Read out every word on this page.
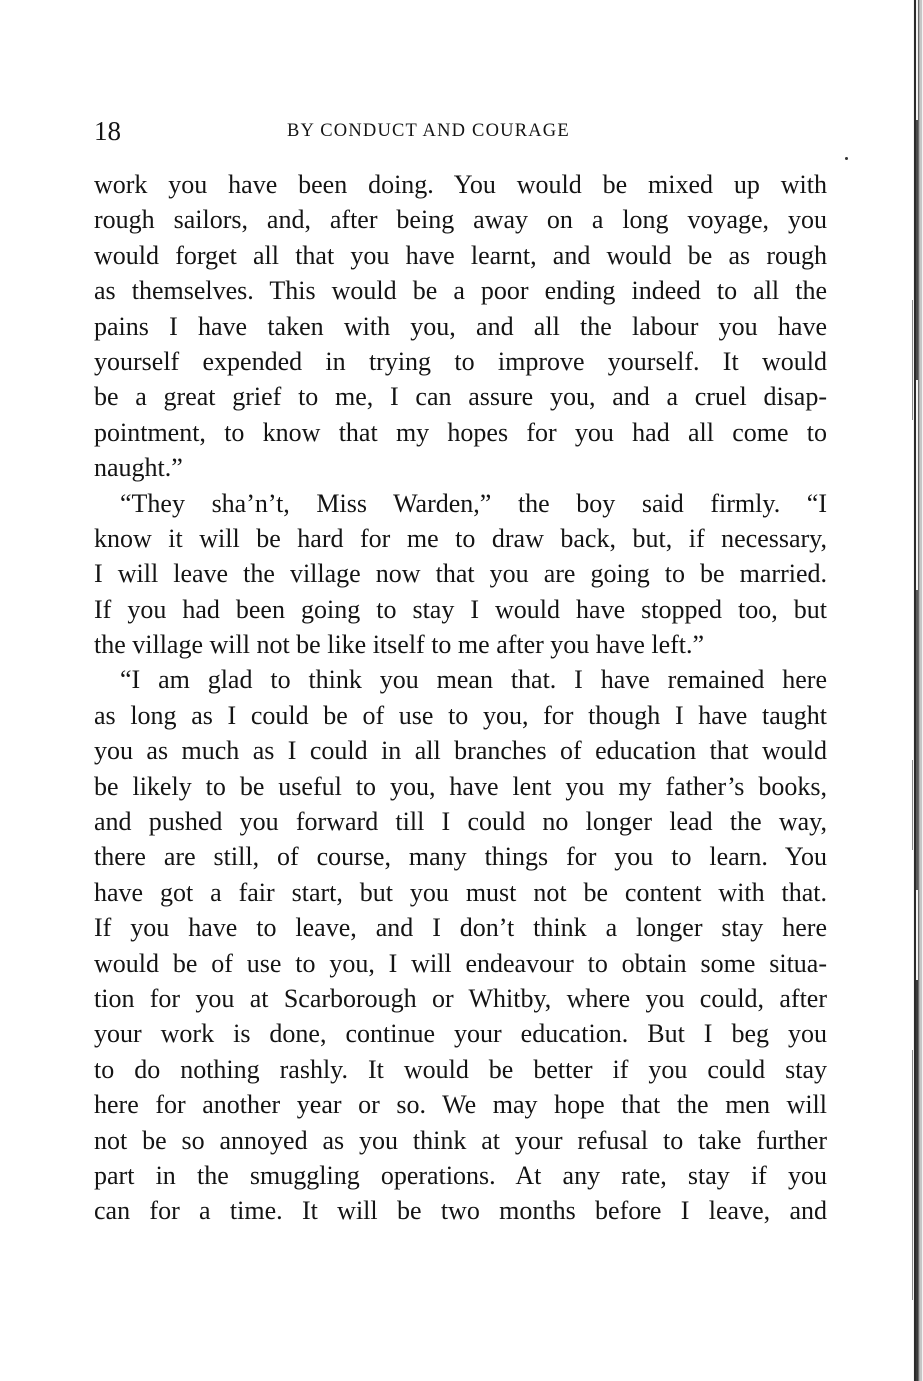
18	BY CONDUCT AND COURAGE
work you have been doing. You would be mixed up with
rough sailors, and, after being away on a long voyage, you
would forget all that you have learnt, and would be as rough
as themselves. This would be a poor ending indeed to all the
pains I have taken with you, and all the labour you have
yourself expended in trying to improve yourself. It would
be a great grief to me, I can assure you, and a cruel disap-
pointment, to know that my hopes for you had all come to
naught.”
“They sha’n’t, Miss Warden,” the boy said firmly. “I
know it will be hard for me to draw back, but, if necessary,
I will leave the village now that you are going to be married.
If you had been going to stay I would have stopped too, but
the village will not be like itself to me after you have left.”
“I am glad to think you mean that. I have remained here
as long as I could be of use to you, for though I have taught
you as much as I could in all branches of education that would
be likely to be useful to you, have lent you my father’s books,
and pushed you forward till I could no longer lead the way,
there are still, of course, many things for you to learn. You
have got a fair start, but you must not be content with that.
If you have to leave, and I don’t think a longer stay here
would be of use to you, I will endeavour to obtain some situa-
tion for you at Scarborough or Whitby, where you could, after
your work is done, continue your education. But I beg you
to do nothing rashly. It would be better if you could stay
here for another year or so. We may hope that the men will
not be so annoyed as you think at your refusal to take further
part in the smuggling operations. At any rate, stay if you
can for a time. It will be two months before I leave, and
